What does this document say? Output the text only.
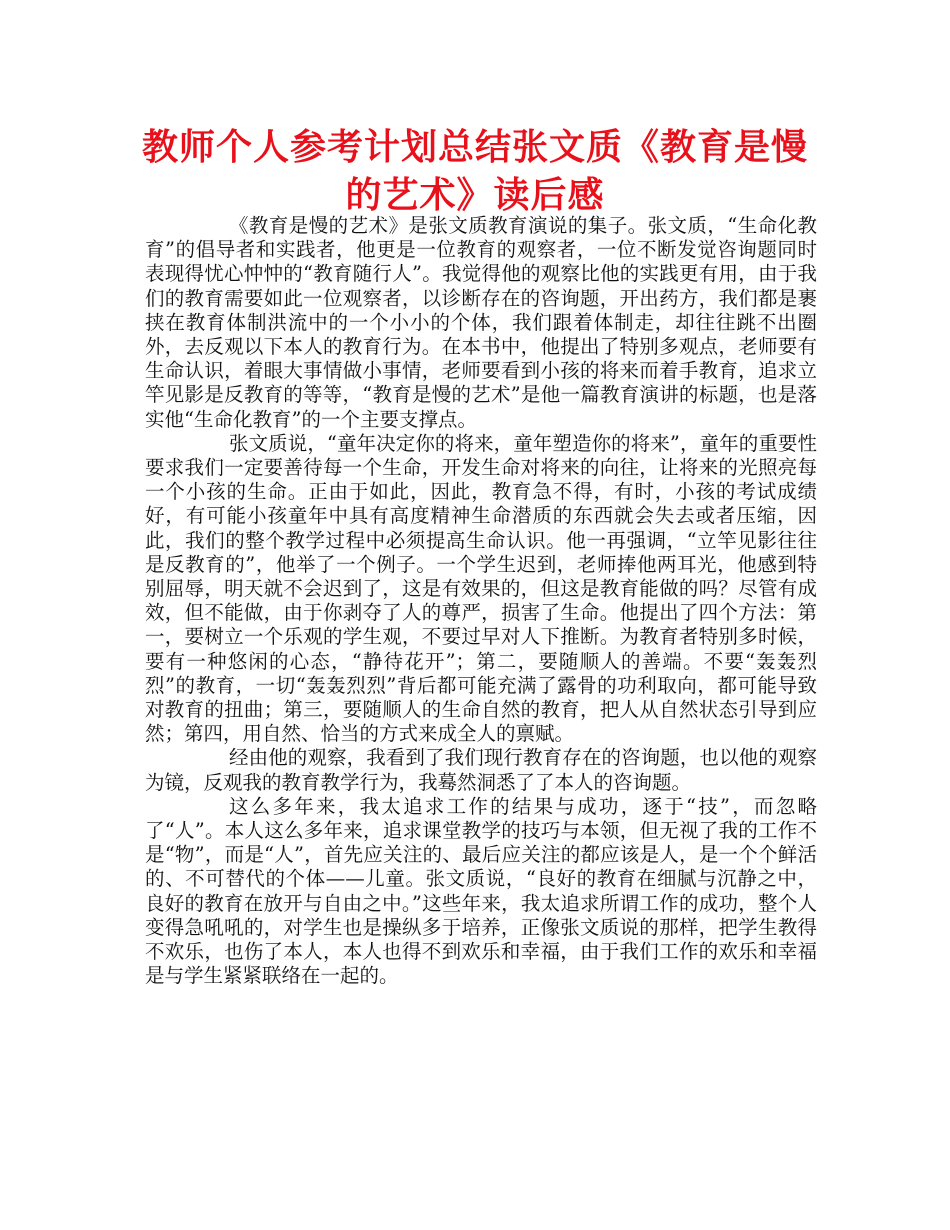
教师个人参考计划总结张文质《教育是慢的艺术》读后感

《教育是慢的艺术》是张文质教育演说的集子。张文质，“生命化教育”的倡导者和实践者，他更是一位教育的观察者，一位不断发觉咨询题同时表现得忧心忡忡的“教育随行人”。我觉得他的观察比他的实践更有用，由于我们的教育需要如此一位观察者，以诊断存在的咨询题，开出药方，我们都是裹挟在教育体制洪流中的一个小小的个体，我们跟着体制走，却往往跳不出圈外，去反观以下本人的教育行为。在本书中，他提出了特别多观点，老师要有生命认识，着眼大事情做小事情，老师要看到小孩的将来而着手教育，追求立竿见影是反教育的等等，“教育是慢的艺术”是他一篇教育演讲的标题，也是落实他“生命化教育”的一个主要支撑点。

张文质说，“童年决定你的将来，童年塑造你的将来”，童年的重要性要求我们一定要善待每一个生命，开发生命对将来的向往，让将来的光照亮每一个小孩的生命。正由于如此，因此，教育急不得，有时，小孩的考试成绩好，有可能小孩童年中具有高度精神生命潜质的东西就会失去或者压缩，因此，我们的整个教学过程中必须提高生命认识。他一再强调，“立竿见影往往是反教育的”，他举了一个例子。一个学生迟到，老师捧他两耳光，他感到特别屈辱，明天就不会迟到了，这是有效果的，但这是教育能做的吗？尽管有成效，但不能做，由于你剥夺了人的尊严，损害了生命。他提出了四个方法：第一，要树立一个乐观的学生观，不要过早对人下推断。为教育者特别多时候，要有一种悠闲的心态，“静待花开”；第二，要随顺人的善端。不要“轰轰烈烈”的教育，一切“轰轰烈烈”背后都可能充满了露骨的功利取向，都可能导致对教育的扭曲；第三，要随顺人的生命自然的教育，把人从自然状态引导到应然；第四，用自然、恰当的方式来成全人的禀赋。

经由他的观察，我看到了我们现行教育存在的咨询题，也以他的观察为镜，反观我的教育教学行为，我蓦然洞悉了了本人的咨询题。

这么多年来，我太追求工作的结果与成功，逐于“技”，而忽略了“人”。本人这么多年来，追求课堂教学的技巧与本领，但无视了我的工作不是“物”，而是“人”，首先应关注的、最后应关注的都应该是人，是一个个鲜活的、不可替代的个体——儿童。张文质说，“良好的教育在细腻与沉静之中，良好的教育在放开与自由之中。”这些年来，我太追求所谓工作的成功，整个人变得急吼吼的，对学生也是操纵多于培养，正像张文质说的那样，把学生教得不欢乐，也伤了本人，本人也得不到欢乐和幸福，由于我们工作的欢乐和幸福是与学生紧紧联络在一起的。
